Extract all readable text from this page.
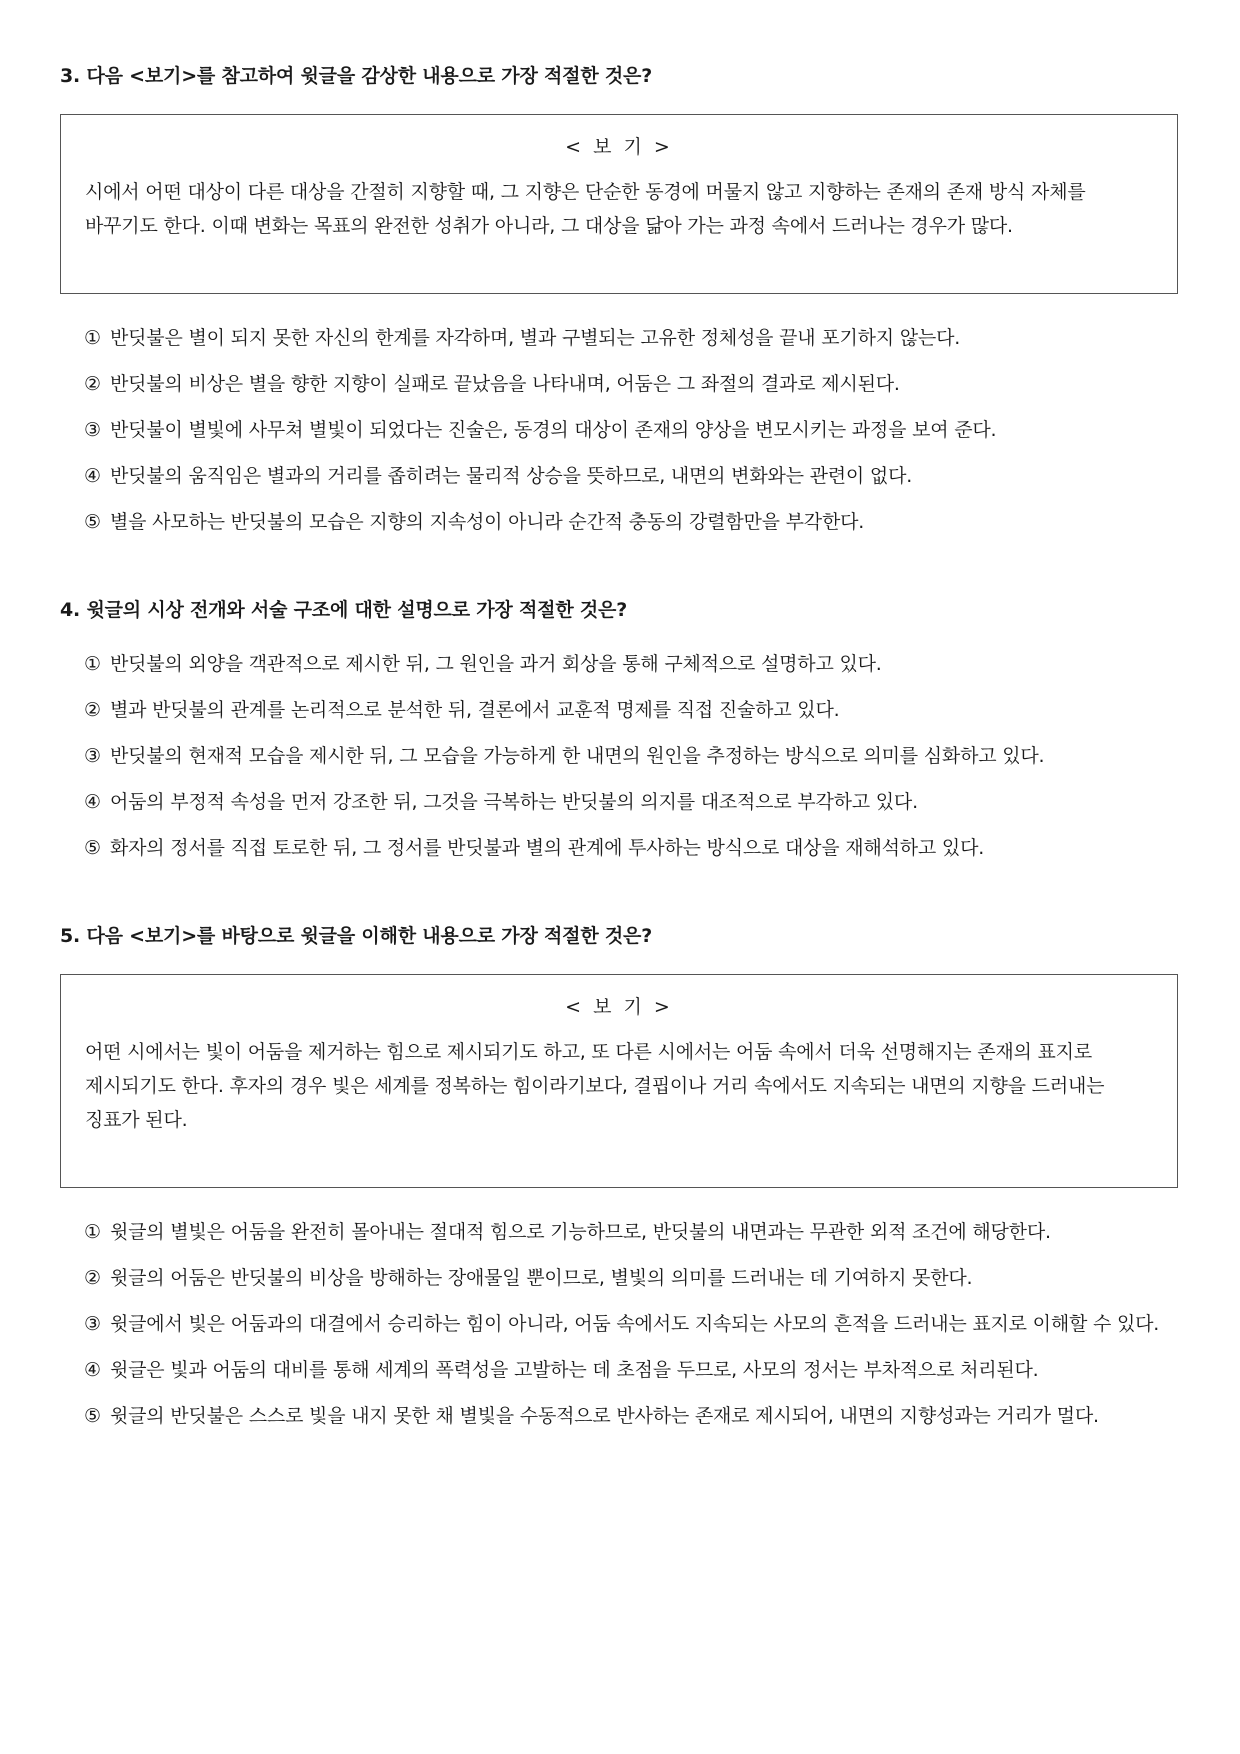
3. 다음 <보기>를 참고하여 윗글을 감상한 내용으로 가장 적절한 것은?

< 보 기 >

시에서 어떤 대상이 다른 대상을 간절히 지향할 때, 그 지향은 단순한 동경에 머물지 않고 지향하는 존재의 존재 방식 자체를 바꾸기도 한다. 이때 변화는 목표의 완전한 성취가 아니라, 그 대상을 닮아 가는 과정 속에서 드러나는 경우가 많다.

① 반딧불은 별이 되지 못한 자신의 한계를 자각하며, 별과 구별되는 고유한 정체성을 끝내 포기하지 않는다.
② 반딧불의 비상은 별을 향한 지향이 실패로 끝났음을 나타내며, 어둠은 그 좌절의 결과로 제시된다.
③ 반딧불이 별빛에 사무쳐 별빛이 되었다는 진술은, 동경의 대상이 존재의 양상을 변모시키는 과정을 보여 준다.
④ 반딧불의 움직임은 별과의 거리를 좁히려는 물리적 상승을 뜻하므로, 내면의 변화와는 관련이 없다.
⑤ 별을 사모하는 반딧불의 모습은 지향의 지속성이 아니라 순간적 충동의 강렬함만을 부각한다.

4. 윗글의 시상 전개와 서술 구조에 대한 설명으로 가장 적절한 것은?

① 반딧불의 외양을 객관적으로 제시한 뒤, 그 원인을 과거 회상을 통해 구체적으로 설명하고 있다.
② 별과 반딧불의 관계를 논리적으로 분석한 뒤, 결론에서 교훈적 명제를 직접 진술하고 있다.
③ 반딧불의 현재적 모습을 제시한 뒤, 그 모습을 가능하게 한 내면의 원인을 추정하는 방식으로 의미를 심화하고 있다.
④ 어둠의 부정적 속성을 먼저 강조한 뒤, 그것을 극복하는 반딧불의 의지를 대조적으로 부각하고 있다.
⑤ 화자의 정서를 직접 토로한 뒤, 그 정서를 반딧불과 별의 관계에 투사하는 방식으로 대상을 재해석하고 있다.

5. 다음 <보기>를 바탕으로 윗글을 이해한 내용으로 가장 적절한 것은?

< 보 기 >

어떤 시에서는 빛이 어둠을 제거하는 힘으로 제시되기도 하고, 또 다른 시에서는 어둠 속에서 더욱 선명해지는 존재의 표지로 제시되기도 한다. 후자의 경우 빛은 세계를 정복하는 힘이라기보다, 결핍이나 거리 속에서도 지속되는 내면의 지향을 드러내는 징표가 된다.

① 윗글의 별빛은 어둠을 완전히 몰아내는 절대적 힘으로 기능하므로, 반딧불의 내면과는 무관한 외적 조건에 해당한다.
② 윗글의 어둠은 반딧불의 비상을 방해하는 장애물일 뿐이므로, 별빛의 의미를 드러내는 데 기여하지 못한다.
③ 윗글에서 빛은 어둠과의 대결에서 승리하는 힘이 아니라, 어둠 속에서도 지속되는 사모의 흔적을 드러내는 표지로 이해할 수 있다.
④ 윗글은 빛과 어둠의 대비를 통해 세계의 폭력성을 고발하는 데 초점을 두므로, 사모의 정서는 부차적으로 처리된다.
⑤ 윗글의 반딧불은 스스로 빛을 내지 못한 채 별빛을 수동적으로 반사하는 존재로 제시되어, 내면의 지향성과는 거리가 멀다.
